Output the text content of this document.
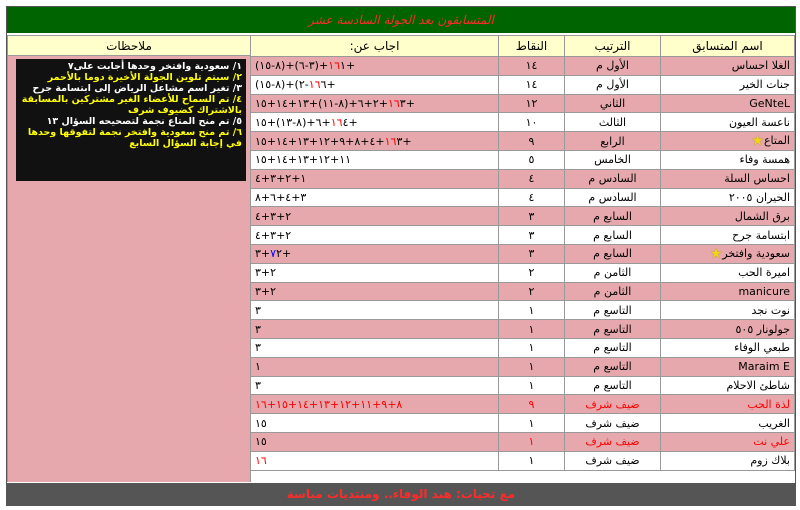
المتسابقون بعد الجولة السادسة عشر
ملاحظات
١/ سعودية وافتخر وحدها أجابت على٧
٢/ سيتم تلوين الجولة الأخيرة دوما بالأحمر
٣/ تغير اسم مشاعل الرياض إلى ابتسامة جرح
٤/ تم السماح للأعضاء الغير مشتركين بالمسابقة بالاشتراك كضيوف شرف
٥/ تم منح المتاع نجمة لتصحيحه السؤال ١٣
٦/ تم منح سعودية وافتخر نجمة لتفوقها وحدها في إجابة السؤال السابع
اسم المتسابق	الترتيب	النقاط	اجاب عن:
الغلا احساس	الأول م	١٤	١٦١+(٣-٦)+(٨-١٥)+
جنات الخير	الأول م	١٤	١٦٦-٢)+(٨-١٥)+
GeNteL	الثاني	١٢	١٦٣+٢+٦+(٨-١١)+١٣+١٤+١٥+
ناعسة العيون	الثالث	١٠	١٦٤+٦+(٨-١٣)+١٥+
المتاع★	الرابع	٩	١٦٣+٤+٨+٩+١٢+١٣+١٤+١٥+
همسة وفاء	الخامس	٥	١١+١٢+١٣+١٤+١٥
احساس السلة	السادس م	٤	١+٢+٣+٤
الحيران ٢٠٠٥	السادس م	٤	٣+٤+٦+٨
برق الشمال	السابع م	٣	٢+٣+٤
ابتسامة جرح	السابع م	٣	٢+٣+٤
سعودية وافتخر★	السابع م	٣	٧٢+٣+
اميرة الحب	الثامن م	٢	٢+٣
manicure	الثامن م	٢	٢+٣
نوت نجد	التاسع م	١	٣
جولونار ٥٠٥	التاسع م	١	٣
طبعي الوفاء	التاسع م	١	٣
Maraim E	التاسع م	١	١
شاطئ الاحلام	التاسع م	١	٣
لذة الحب	ضيف شرف	٩	٨+٩+١١+١٢+١٣+١٤+١٥+١٦
الغريب	ضيف شرف	١	١٥
علي نت	ضيف شرف	١	١٥
بلاك زوم	ضيف شرف	١	١٦
مع تحيات: هند الوفاء.. ومنتديات مياسة
